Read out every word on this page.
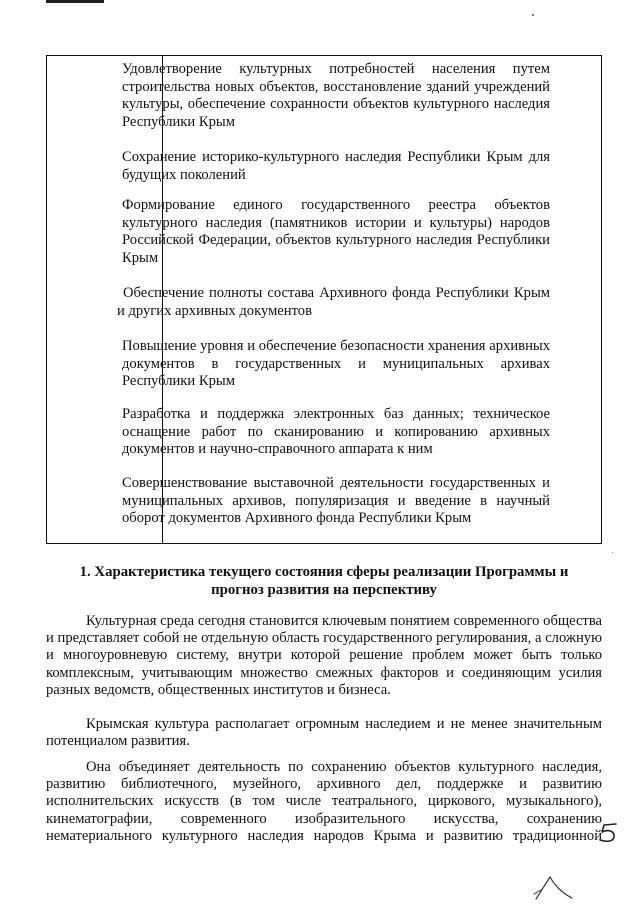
Удовлетворение культурных потребностей населения путем строительства новых объектов, восстановление зданий учреждений культуры, обеспечение сохранности объектов культурного наследия Республики Крым

Сохранение историко-культурного наследия Республики Крым для будущих поколений

Формирование единого государственного реестра объектов культурного наследия (памятников истории и культуры) народов Российской Федерации, объектов культурного наследия Республики Крым

Обеспечение полноты состава Архивного фонда Республики Крым и других архивных документов

Повышение уровня и обеспечение безопасности хранения архивных документов в государственных и муниципальных архивах Республики Крым

Разработка и поддержка электронных баз данных; техническое оснащение работ по сканированию и копированию архивных документов и научно-справочного аппарата к ним

Совершенствование выставочной деятельности государственных и муниципальных архивов, популяризация и введение в научный оборот документов Архивного фонда Республики Крым

1. Характеристика текущего состояния сферы реализации Программы и
прогноз развития на перспективу

Культурная среда сегодня становится ключевым понятием современного общества и представляет собой не отдельную область государственного регулирования, а сложную и многоуровневую систему, внутри которой решение проблем может быть только комплексным, учитывающим множество смежных факторов и соединяющим усилия разных ведомств, общественных институтов и бизнеса.

Крымская культура располагает огромным наследием и не менее значительным потенциалом развития.

Она объединяет деятельность по сохранению объектов культурного наследия, развитию библиотечного, музейного, архивного дел, поддержке и развитию исполнительских искусств (в том числе театрального, циркового, музыкального), кинематографии, современного изобразительного искусства, сохранению нематериального культурного наследия народов Крыма и развитию традиционной
